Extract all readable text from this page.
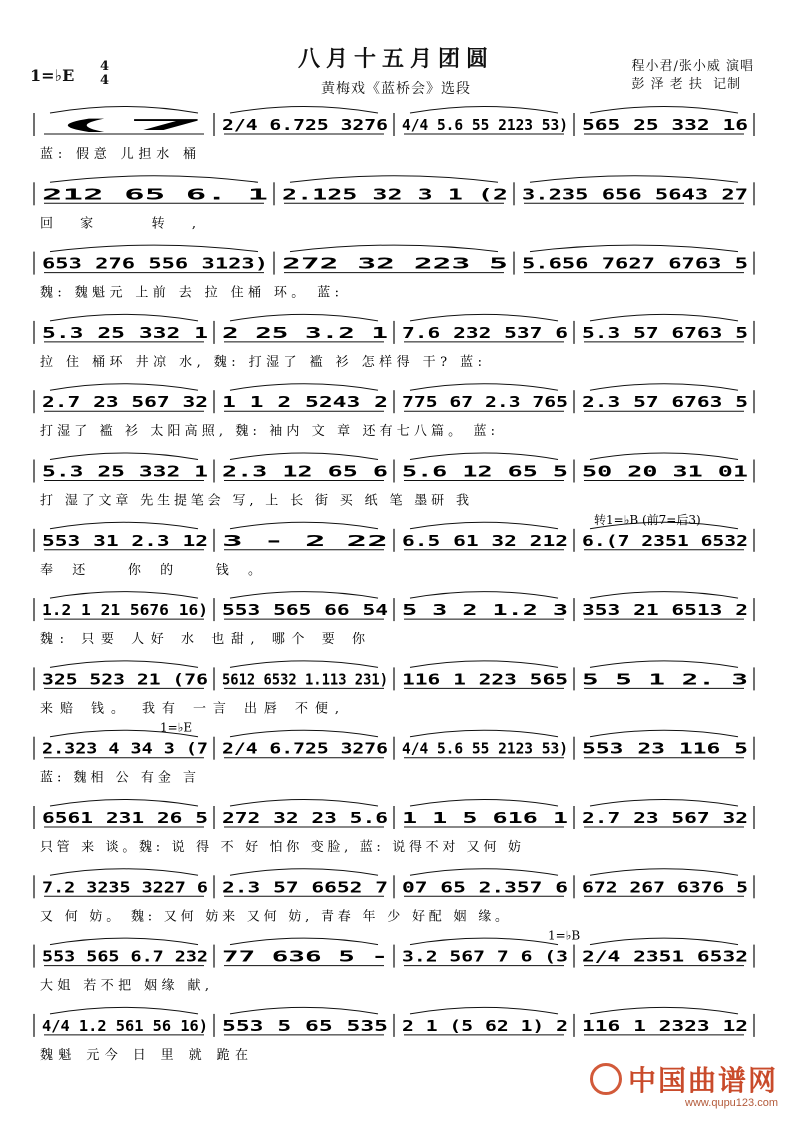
八月十五月团圆
黄梅戏《蓝桥会》选段
1=♭E 4
4
程小君/张小威 演唱
彭 泽 老 扶  记制
(7 2/4 6.725 3276 4/4 5.6 55 2123 53) 565 25 332 16
蓝: 假意 儿担水 桶
212 65 6. 1 2.125 32 3 1 (2 3.235 656 5643 27
回家 转,
653 276 556 3123) 272 32 223 5 5.656 7627 6763 5
魏: 魏魁元 上前 去 拉 住桶 环。 蓝:
5.3 25 332 1 2 25 3.2 1 7.6 232 537 6 5.3 57 6763 5
拉 住 桶环 井凉 水, 魏: 打湿了 褴 衫 怎样得 干? 蓝:
2.7 23 567 32 1 1 2 5243 2 775 67 2.3 765 2.3 57 6763 5
打湿了 褴 衫 太阳高照, 魏: 袖内 文 章 还有七八篇。 蓝:
5.3 25 332 1 2.3 12 65 6 5.6 12 65 5 50 20 31 01
打 湿了文章 先生提笔会 写, 上 长 街 买 纸 笔 墨研 我
553 31 2.3 12 3 - 2 22 6.5 61 32 212 6.(7 2351 6532
奉还 你的 钱。
转1=♭B (前7=后3)
1.2 1 21 5676 16) 553 565 66 54 5 3 2 1.2 3 353 21 6513 2
魏: 只要 人好 水 也甜, 哪个 要 你
325 523 21 (76 5612 6532 1.113 231) 116 1 223 565 5 5 1 2. 3
来赔 钱。 我有 一言 出唇 不便,
2.323 4 34 3 (7 2/4 6.725 3276 4/4 5.6 55 2123 53) 553 23 116 5
蓝: 魏相 公 有金 言
1=♭E
6561 231 26 5 272 32 23 5.6 1 1 5 616 1 2.7 23 567 32
只管 来 谈。魏: 说 得 不 好 怕你 变脸, 蓝: 说得不对 又何 妨
7.2 3235 3227 6 2.3 57 6652 7 07 65 2.357 6 672 267 6376 5
又 何 妨。 魏: 又何 妨来 又何 妨, 青春 年 少 好配 姻 缘。
553 565 6.7 232 77 636 5 - 3.2 567 7 6 (3 2/4 2351 6532
大姐 若不把 姻缘 献,
1=♭B
4/4 1.2 561 56 16) 553 5 65 535 2 1 (5 62 1) 2 116 1 2323 12
魏魁 元今 日 里 就 跪在
中国曲谱网
www.qupu123.com
